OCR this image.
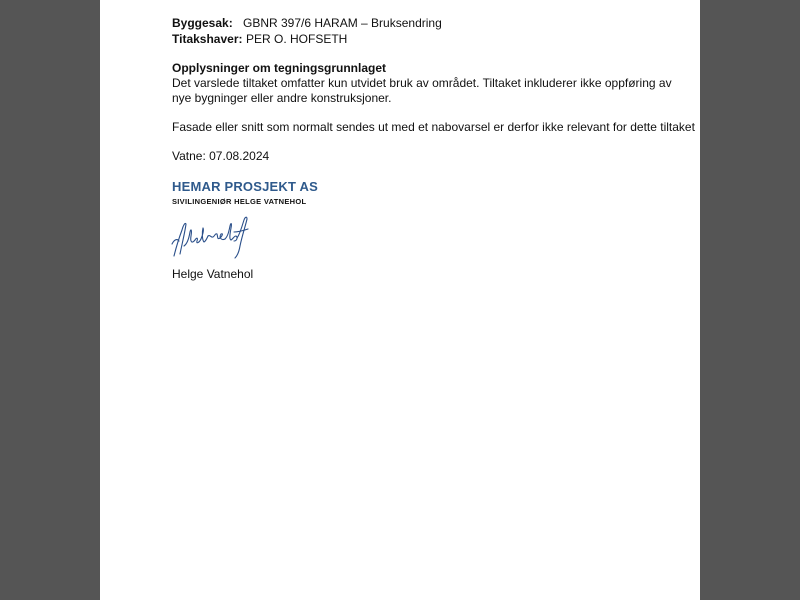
Byggesak: GBNR 397/6 HARAM – Bruksendring
Titakshaver: PER O. HOFSETH
Opplysninger om tegningsgrunnlaget
Det varslede tiltaket omfatter kun utvidet bruk av området. Tiltaket inkluderer ikke oppføring av
nye bygninger eller andre konstruksjoner.
Fasade eller snitt som normalt sendes ut med et nabovarsel er derfor ikke relevant for dette tiltaket
Vatne: 07.08.2024
HEMAR PROSJEKT AS
SIVILINGENIØR HELGE VATNEHOL
Helge Vatnehol
